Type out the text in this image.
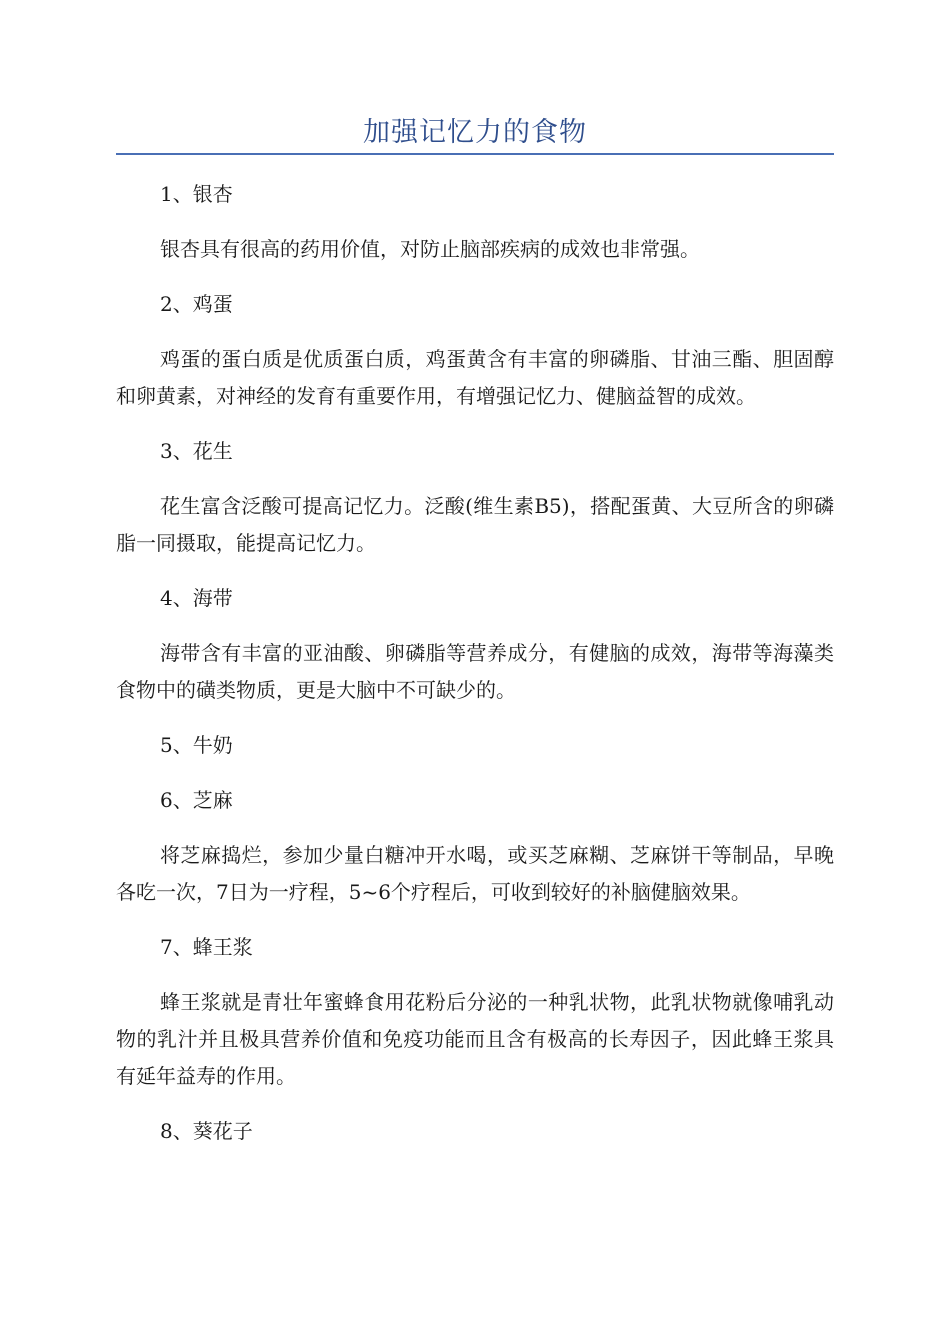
加强记忆力的食物

1、银杏

银杏具有很高的药用价值，对防止脑部疾病的成效也非常强。

2、鸡蛋

鸡蛋的蛋白质是优质蛋白质，鸡蛋黄含有丰富的卵磷脂、甘油三酯、胆固醇和卵黄素，对神经的发育有重要作用，有增强记忆力、健脑益智的成效。

3、花生

花生富含泛酸可提高记忆力。泛酸(维生素B5)，搭配蛋黄、大豆所含的卵磷脂一同摄取，能提高记忆力。

4、海带

海带含有丰富的亚油酸、卵磷脂等营养成分，有健脑的成效，海带等海藻类食物中的磺类物质，更是大脑中不可缺少的。

5、牛奶

6、芝麻

将芝麻捣烂，参加少量白糖冲开水喝，或买芝麻糊、芝麻饼干等制品，早晚各吃一次，7日为一疗程，5~6个疗程后，可收到较好的补脑健脑效果。

7、蜂王浆

蜂王浆就是青壮年蜜蜂食用花粉后分泌的一种乳状物，此乳状物就像哺乳动物的乳汁并且极具营养价值和免疫功能而且含有极高的长寿因子，因此蜂王浆具有延年益寿的作用。

8、葵花子
